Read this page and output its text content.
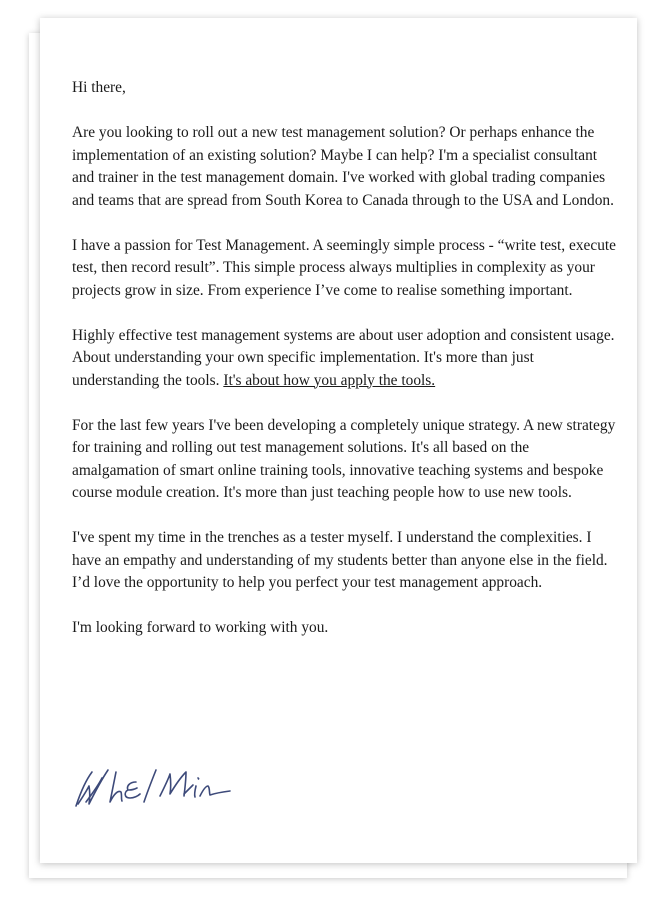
Hi there,

Are you looking to roll out a new test management solution? Or perhaps enhance the implementation of an existing solution? Maybe I can help? I'm a specialist consultant and trainer in the test management domain. I've worked with global trading companies and teams that are spread from South Korea to Canada through to the USA and London.

I have a passion for Test Management. A seemingly simple process - “write test, execute test, then record result”. This simple process always multiplies in complexity as your projects grow in size. From experience I’ve come to realise something important.

Highly effective test management systems are about user adoption and consistent usage. About understanding your own specific implementation. It's more than just understanding the tools. It's about how you apply the tools.

For the last few years I've been developing a completely unique strategy. A new strategy for training and rolling out test management solutions. It's all based on the amalgamation of smart online training tools, innovative teaching systems and bespoke course module creation. It's more than just teaching people how to use new tools.

I've spent my time in the trenches as a tester myself. I understand the complexities. I have an empathy and understanding of my students better than anyone else in the field. I’d love the opportunity to help you perfect your test management approach.

I'm looking forward to working with you.
